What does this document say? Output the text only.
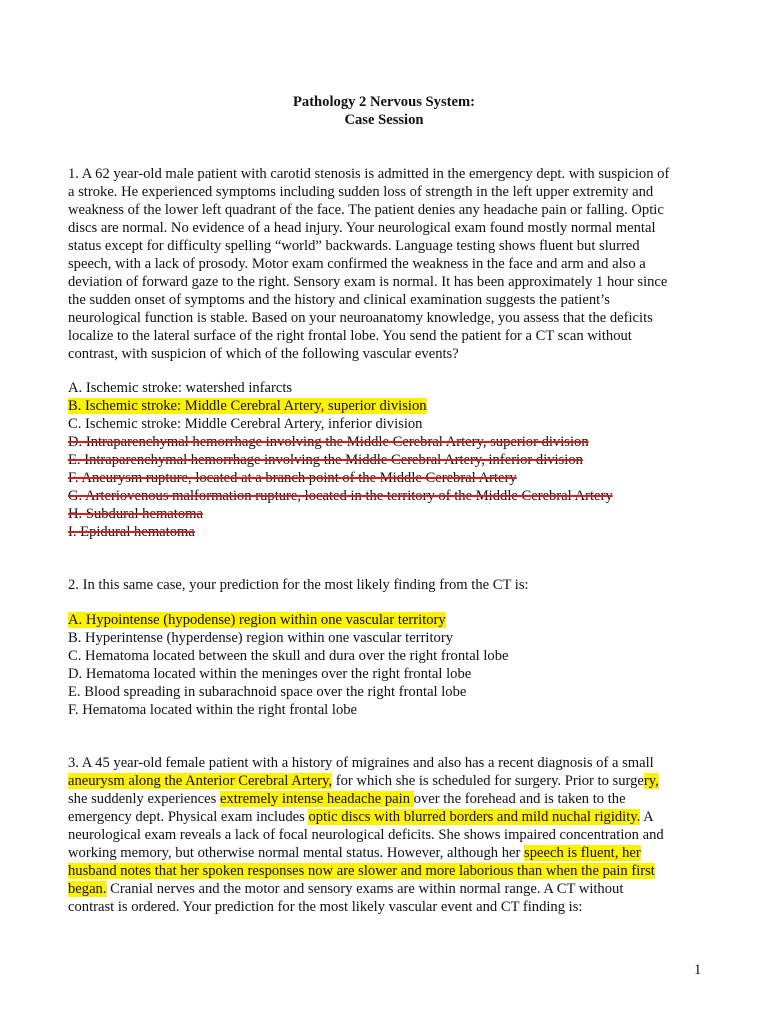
Pathology 2 Nervous System:
Case Session
1. A 62 year-old male patient with carotid stenosis is admitted in the emergency dept. with suspicion of
a stroke. He experienced symptoms including sudden loss of strength in the left upper extremity and
weakness of the lower left quadrant of the face. The patient denies any headache pain or falling. Optic
discs are normal. No evidence of a head injury. Your neurological exam found mostly normal mental
status except for difficulty spelling “world” backwards. Language testing shows fluent but slurred
speech, with a lack of prosody. Motor exam confirmed the weakness in the face and arm and also a
deviation of forward gaze to the right. Sensory exam is normal. It has been approximately 1 hour since
the sudden onset of symptoms and the history and clinical examination suggests the patient’s
neurological function is stable. Based on your neuroanatomy knowledge, you assess that the deficits
localize to the lateral surface of the right frontal lobe. You send the patient for a CT scan without
contrast, with suspicion of which of the following vascular events?
A. Ischemic stroke: watershed infarcts
B. Ischemic stroke: Middle Cerebral Artery, superior division
C. Ischemic stroke: Middle Cerebral Artery, inferior division
D. Intraparenchymal hemorrhage involving the Middle Cerebral Artery, superior division
E. Intraparenchymal hemorrhage involving the Middle Cerebral Artery, inferior division
F. Aneurysm rupture, located at a branch point of the Middle Cerebral Artery
G. Arteriovenous malformation rupture, located in the territory of the Middle Cerebral Artery
H. Subdural hematoma
I. Epidural hematoma
2. In this same case, your prediction for the most likely finding from the CT is:
A. Hypointense (hypodense) region within one vascular territory
B. Hyperintense (hyperdense) region within one vascular territory
C. Hematoma located between the skull and dura over the right frontal lobe
D. Hematoma located within the meninges over the right frontal lobe
E. Blood spreading in subarachnoid space over the right frontal lobe
F. Hematoma located within the right frontal lobe
3. A 45 year-old female patient with a history of migraines and also has a recent diagnosis of a small
aneurysm along the Anterior Cerebral Artery, for which she is scheduled for surgery. Prior to surgery,
she suddenly experiences extremely intense headache pain over the forehead and is taken to the
emergency dept. Physical exam includes optic discs with blurred borders and mild nuchal rigidity. A
neurological exam reveals a lack of focal neurological deficits. She shows impaired concentration and
working memory, but otherwise normal mental status. However, although her speech is fluent, her
husband notes that her spoken responses now are slower and more laborious than when the pain first
began. Cranial nerves and the motor and sensory exams are within normal range. A CT without
contrast is ordered. Your prediction for the most likely vascular event and CT finding is:
1
